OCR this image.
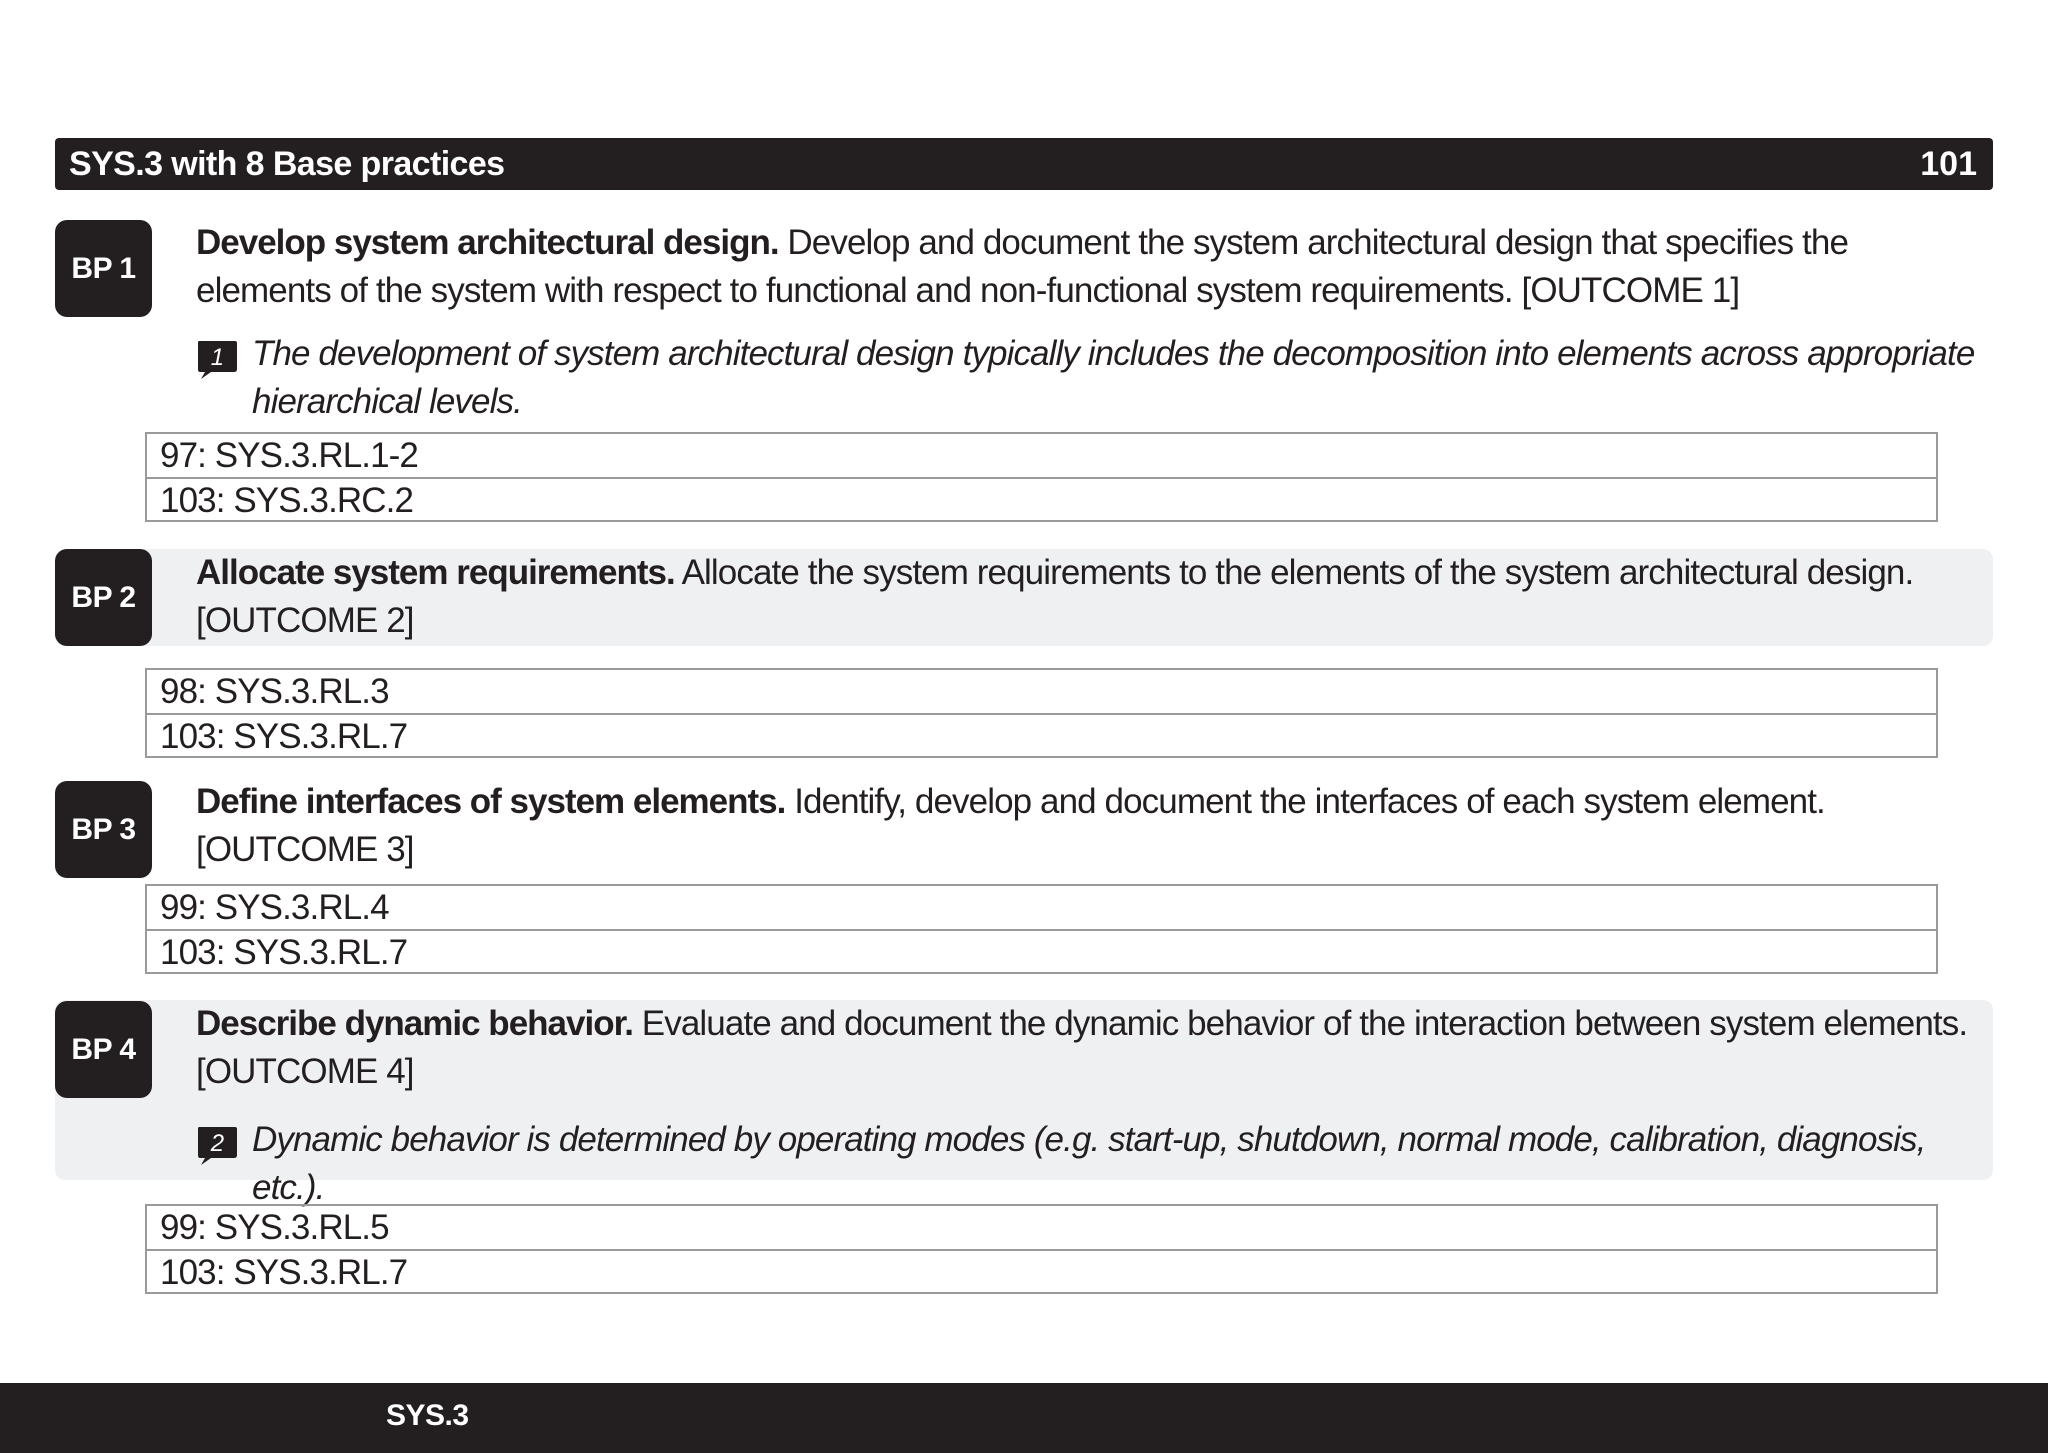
SYS.3 with 8 Base practices	101
BP 1
Develop system architectural design. Develop and document the system architectural design that specifies the elements of the system with respect to functional and non-functional system requirements. [OUTCOME 1]
1 The development of system architectural design typically includes the decomposition into elements across appropriate hierarchical levels.
97: SYS.3.RL.1-2
103: SYS.3.RC.2
BP 2
Allocate system requirements. Allocate the system requirements to the elements of the system architectural design. [OUTCOME 2]
98: SYS.3.RL.3
103: SYS.3.RL.7
BP 3
Define interfaces of system elements. Identify, develop and document the interfaces of each system element. [OUTCOME 3]
99: SYS.3.RL.4
103: SYS.3.RL.7
BP 4
Describe dynamic behavior. Evaluate and document the dynamic behavior of the interaction between system elements. [OUTCOME 4]
2 Dynamic behavior is determined by operating modes (e.g. start-up, shutdown, normal mode, calibration, diagnosis, etc.).
99: SYS.3.RL.5
103: SYS.3.RL.7
SYS.3
